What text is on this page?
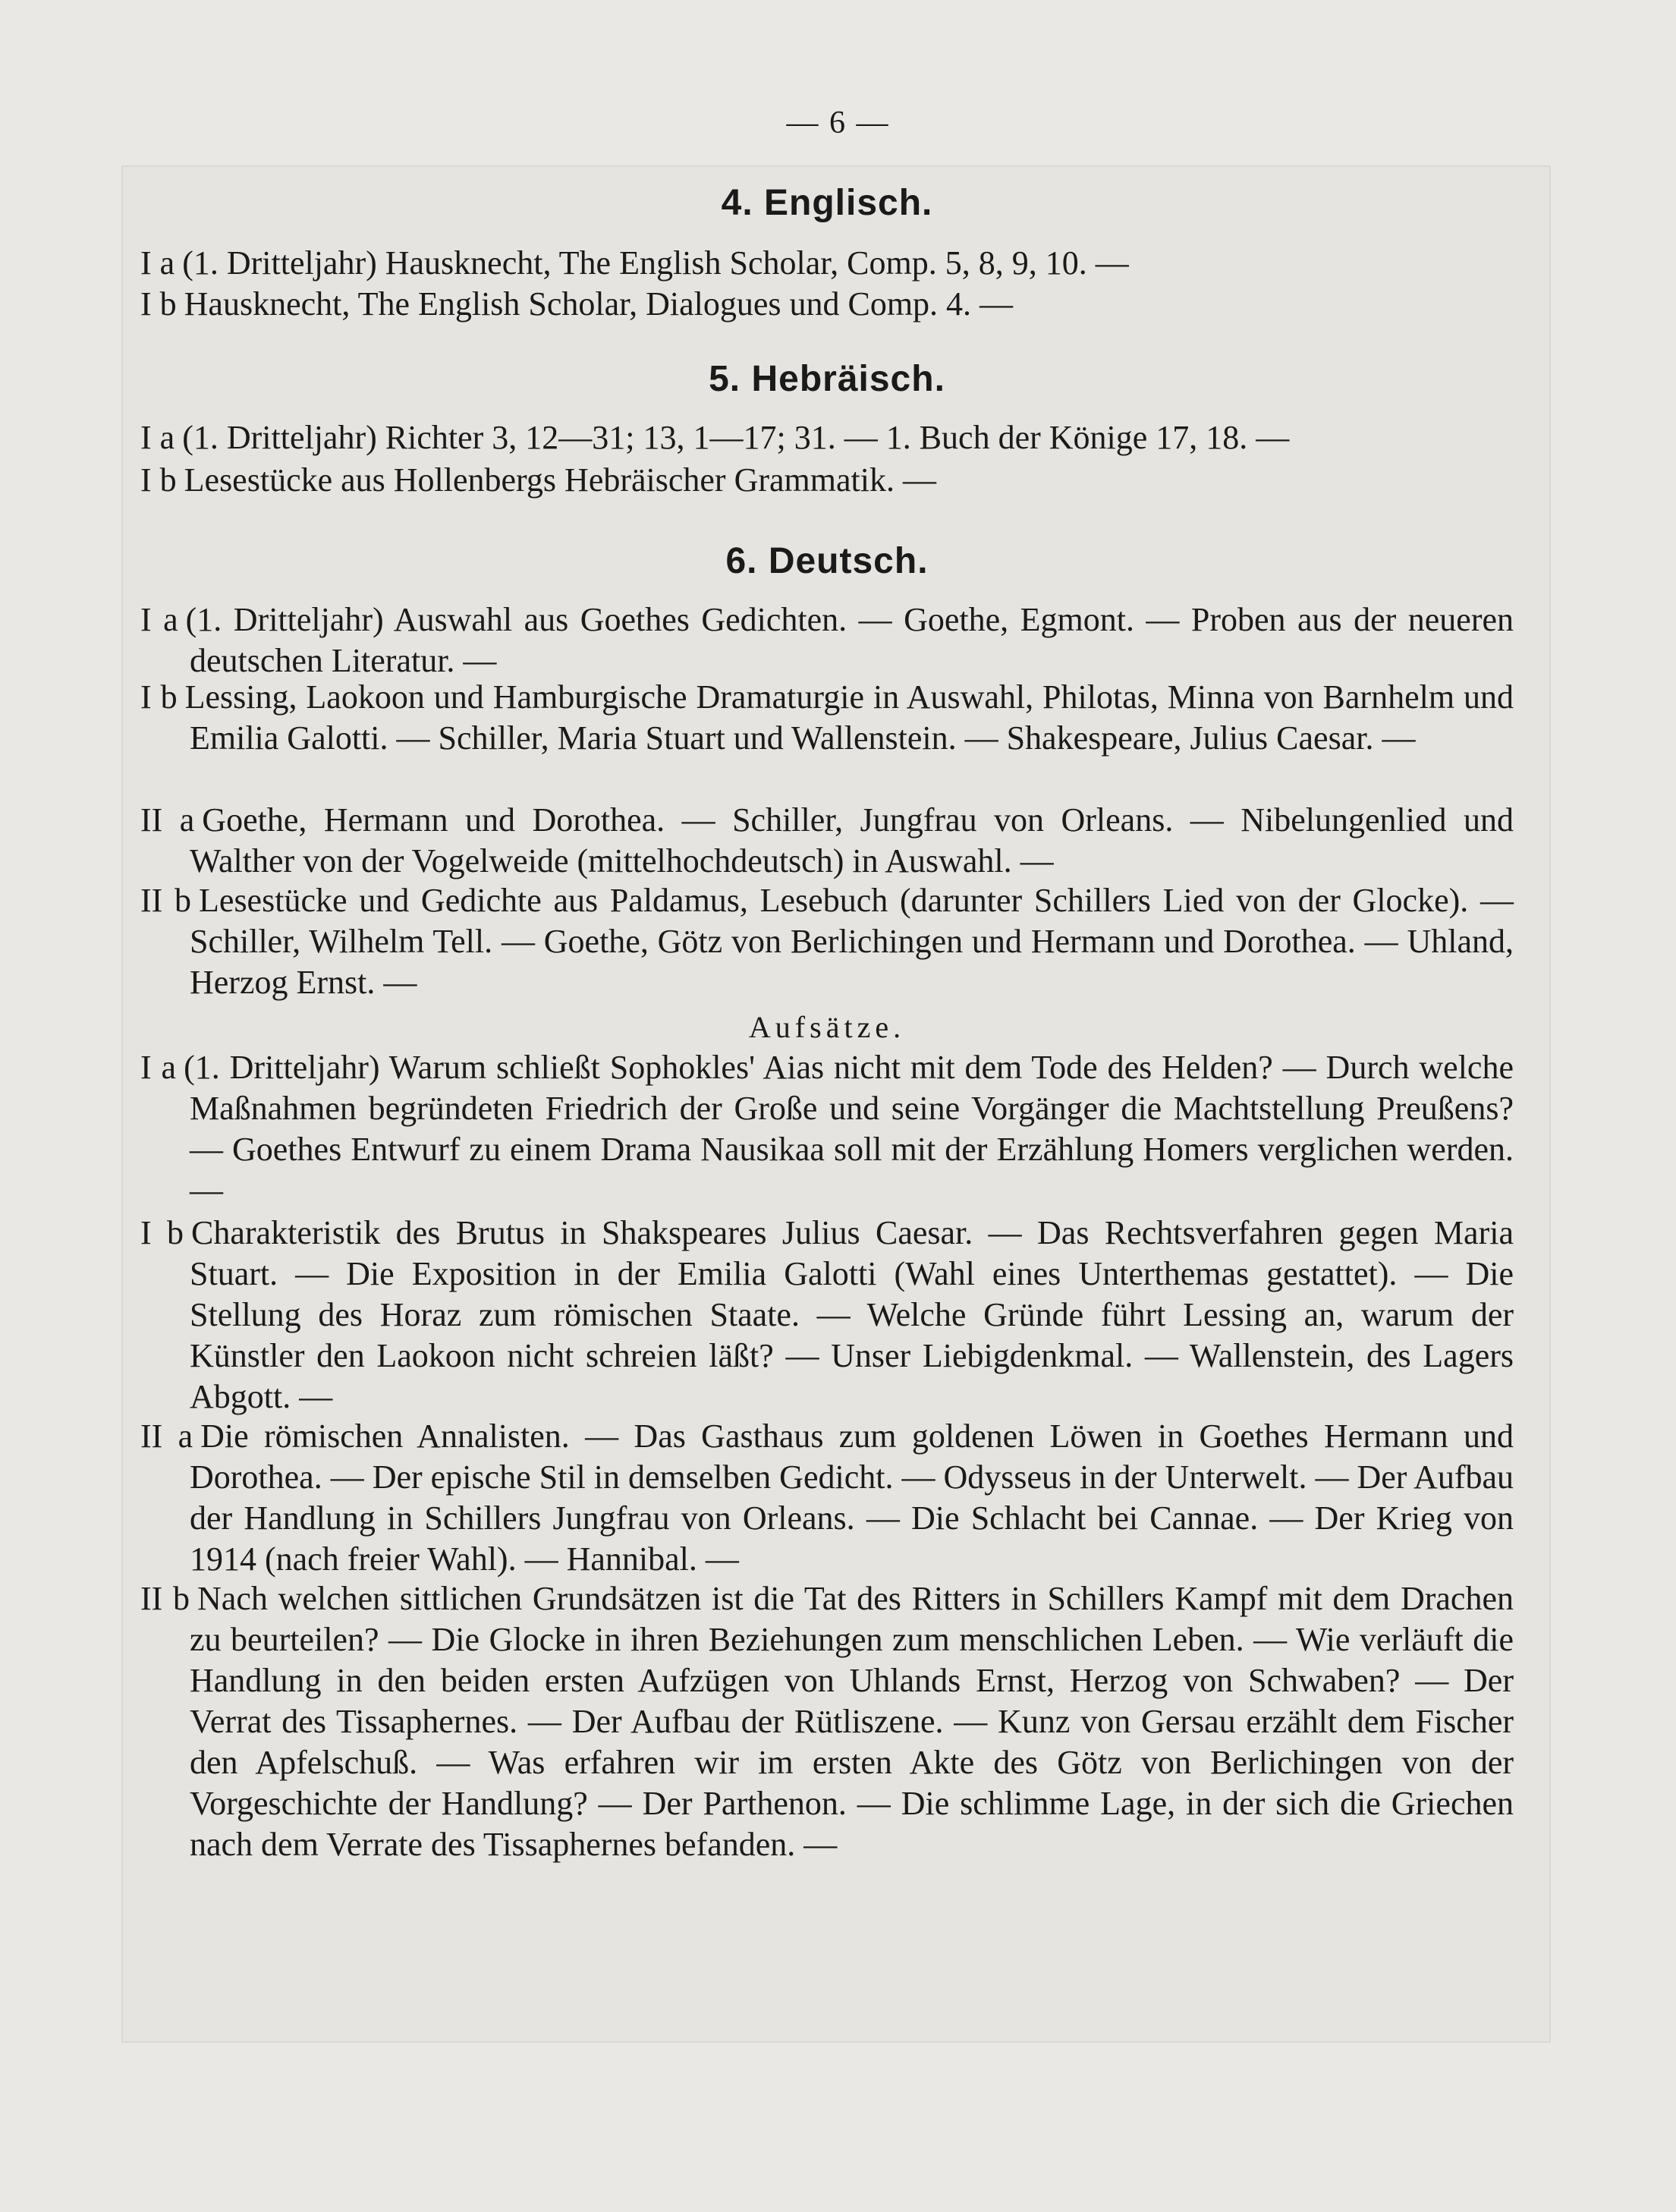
— 6 —
4. Englisch.
I a (1. Dritteljahr) Hausknecht, The English Scholar, Comp. 5, 8, 9, 10. —
I b Hausknecht, The English Scholar, Dialogues und Comp. 4. —
5. Hebräisch.
I a (1. Dritteljahr) Richter 3, 12—31; 13, 1—17; 31. — 1. Buch der Könige 17, 18. —
I b Lesestücke aus Hollenbergs Hebräischer Grammatik. —
6. Deutsch.
I a (1. Dritteljahr) Auswahl aus Goethes Gedichten. — Goethe, Egmont. — Proben aus der neueren deutschen Literatur. —
I b Lessing, Laokoon und Hamburgische Dramaturgie in Auswahl, Philotas, Minna von Barnhelm und Emilia Galotti. — Schiller, Maria Stuart und Wallenstein. — Shakespeare, Julius Caesar. —
II a Goethe, Hermann und Dorothea. — Schiller, Jungfrau von Orleans. — Nibelungenlied und Walther von der Vogelweide (mittelhochdeutsch) in Auswahl. —
II b Lesestücke und Gedichte aus Paldamus, Lesebuch (darunter Schillers Lied von der Glocke). — Schiller, Wilhelm Tell. — Goethe, Götz von Berlichingen und Hermann und Dorothea. — Uhland, Herzog Ernst. —
Aufsätze.
I a (1. Dritteljahr) Warum schließt Sophokles' Aias nicht mit dem Tode des Helden? — Durch welche Maßnahmen begründeten Friedrich der Große und seine Vorgänger die Machtstellung Preußens? — Goethes Entwurf zu einem Drama Nausikaa soll mit der Erzählung Homers verglichen werden. —
I b Charakteristik des Brutus in Shakspeares Julius Caesar. — Das Rechtsverfahren gegen Maria Stuart. — Die Exposition in der Emilia Galotti (Wahl eines Unterthemas gestattet). — Die Stellung des Horaz zum römischen Staate. — Welche Gründe führt Lessing an, warum der Künstler den Laokoon nicht schreien läßt? — Unser Liebigdenkmal. — Wallenstein, des Lagers Abgott. —
II a Die römischen Annalisten. — Das Gasthaus zum goldenen Löwen in Goethes Hermann und Dorothea. — Der epische Stil in demselben Gedicht. — Odysseus in der Unterwelt. — Der Aufbau der Handlung in Schillers Jungfrau von Orleans. — Die Schlacht bei Cannae. — Der Krieg von 1914 (nach freier Wahl). — Hannibal. —
II b Nach welchen sittlichen Grundsätzen ist die Tat des Ritters in Schillers Kampf mit dem Drachen zu beurteilen? — Die Glocke in ihren Beziehungen zum menschlichen Leben. — Wie verläuft die Handlung in den beiden ersten Aufzügen von Uhlands Ernst, Herzog von Schwaben? — Der Verrat des Tissaphernes. — Der Aufbau der Rütliszene. — Kunz von Gersau erzählt dem Fischer den Apfelschuß. — Was erfahren wir im ersten Akte des Götz von Berlichingen von der Vorgeschichte der Handlung? — Der Parthenon. — Die schlimme Lage, in der sich die Griechen nach dem Verrate des Tissaphernes befanden. —
